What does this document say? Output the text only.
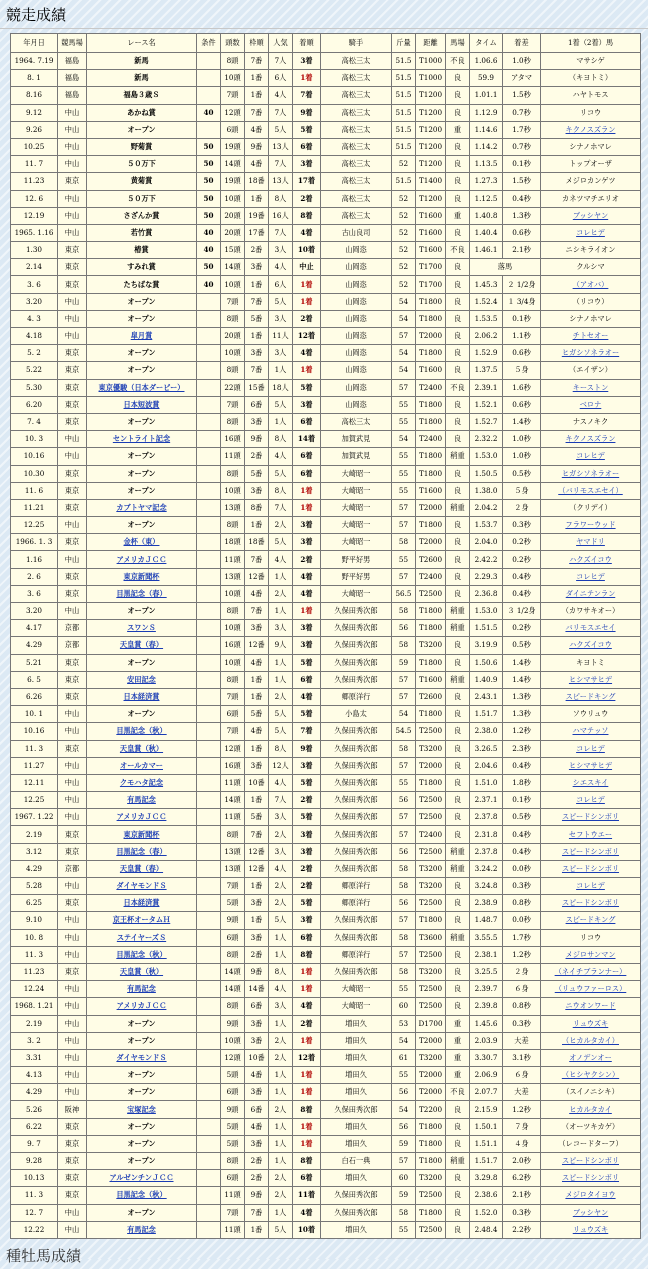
競走成績
年月日	競馬場	レース名	条件	頭数	枠順	人気	着順	騎手	斤量	距離	馬場	タイム	着差	1着（2着）馬
1964. 7.19	福島	新馬		8頭	7番	7人	3着	高松三太	51.5	T1000	不良	1.06.6	1.0秒	マサシゲ
8. 1	福島	新馬		10頭	1番	6人	1着	高松三太	51.5	T1000	良	59.9	アタマ	（キヨトミ）
8.16	福島	福島３歳Ｓ		7頭	1番	4人	7着	高松三太	51.5	T1200	良	1.01.1	1.5秒	ハヤトモス
9.12	中山	あかね賞	40	12頭	7番	7人	9着	高松三太	51.5	T1200	良	1.12.9	0.7秒	リコウ
9.26	中山	オープン		6頭	4番	5人	5着	高松三太	51.5	T1200	重	1.14.6	1.7秒	キクノスズラン
10.25	中山	野菊賞	50	19頭	9番	13人	6着	高松三太	51.5	T1200	良	1.14.2	0.7秒	シナノホマレ
11. 7	中山	５０万下	50	14頭	4番	7人	3着	高松三太	52	T1200	良	1.13.5	0.1秒	トップオーザ
11.23	東京	黄菊賞	50	19頭	18番	13人	17着	高松三太	51.5	T1400	良	1.27.3	1.5秒	メジロカンゲツ
12. 6	中山	５０万下	50	10頭	1番	8人	2着	高松三太	52	T1200	良	1.12.5	0.4秒	カネツマチエリオ
12.19	中山	さざんか賞	50	20頭	19番	16人	8着	高松三太	52	T1600	重	1.40.8	1.3秒	ブッシヤン
1965. 1.16	中山	若竹賞	40	20頭	17番	7人	4着	古山良司	52	T1600	良	1.40.4	0.6秒	コレヒデ
1.30	東京	椿賞	40	15頭	2番	3人	10着	山岡恣	52	T1600	不良	1.46.1	2.1秒	ニシキライオン
2.14	東京	すみれ賞	50	14頭	3番	4人	中止	山岡恣	52	T1700	良	落馬		クルシマ
3. 6	東京	たちばな賞	40	10頭	1番	6人	1着	山岡恣	52	T1700	良	1.45.3	２ 1/2身	（アオバ）
3.20	中山	オープン		7頭	7番	5人	1着	山岡恣	54	T1800	良	1.52.4	１ 3/4身	（リコウ）
4. 3	中山	オープン		8頭	5番	3人	2着	山岡恣	54	T1800	良	1.53.5	0.1秒	シナノホマレ
4.18	中山	皐月賞		20頭	1番	11人	12着	山岡恣	57	T2000	良	2.06.2	1.1秒	チトセオー
5. 2	東京	オープン		10頭	3番	3人	4着	山岡恣	54	T1800	良	1.52.9	0.6秒	ヒガシソネラオー
5.22	東京	オープン		8頭	7番	1人	1着	山岡恣	54	T1600	良	1.37.5	５身	（エイザン）
5.30	東京	東京優駿（日本ダービー）		22頭	15番	18人	5着	山岡恣	57	T2400	不良	2.39.1	1.6秒	キーストン
6.20	東京	日本短波賞		7頭	6番	5人	3着	山岡恣	55	T1800	良	1.52.1	0.6秒	ベロナ
7. 4	東京	オープン		8頭	3番	1人	6着	高松三太	55	T1800	良	1.52.7	1.4秒	ナスノキク
10. 3	中山	セントライト記念		16頭	9番	8人	14着	加賀武見	54	T2400	良	2.32.2	1.0秒	キクノスズラン
10.16	中山	オープン		11頭	2番	4人	6着	加賀武見	55	T1800	稍重	1.53.0	1.0秒	コレヒデ
10.30	東京	オープン		8頭	5番	5人	6着	大崎昭一	55	T1800	良	1.50.5	0.5秒	ヒガシソネラオー
11. 6	東京	オープン		10頭	3番	8人	1着	大崎昭一	55	T1600	良	1.38.0	５身	（バリモスエセイ）
11.21	東京	カブトヤマ記念		13頭	8番	7人	1着	大崎昭一	57	T2000	稍重	2.04.2	２身	（クリデイ）
12.25	中山	オープン		8頭	1番	2人	3着	大崎昭一	57	T1800	良	1.53.7	0.3秒	フラワーウッド
1966. 1. 3	東京	金杯（東）		18頭	18番	5人	3着	大崎昭一	58	T2000	良	2.04.0	0.2秒	ヤマドリ
1.16	中山	アメリカＪＣＣ		11頭	7番	4人	2着	野平好男	55	T2600	良	2.42.2	0.2秒	ハクズイコウ
2. 6	東京	東京新聞杯		13頭	12番	1人	4着	野平好男	57	T2400	良	2.29.3	0.4秒	コレヒデ
3. 6	東京	目黒記念（春）		10頭	4番	2人	4着	大崎昭一	56.5	T2500	良	2.36.8	0.4秒	ダイニテンラン
3.20	中山	オープン		8頭	7番	1人	1着	久保田秀次郎	58	T1800	稍重	1.53.0	３ 1/2身	（カワサキオー）
4.17	京都	スワンＳ		10頭	3番	3人	3着	久保田秀次郎	56	T1800	稍重	1.51.5	0.2秒	バリモスエセイ
4.29	京都	天皇賞（春）		16頭	12番	9人	3着	久保田秀次郎	58	T3200	良	3.19.9	0.5秒	ハクズイコウ
5.21	東京	オープン		10頭	4番	1人	5着	久保田秀次郎	59	T1800	良	1.50.6	1.4秒	キヨトミ
6. 5	東京	安田記念		8頭	1番	1人	6着	久保田秀次郎	57	T1600	稍重	1.40.9	1.4秒	ヒシマサヒデ
6.26	東京	日本経済賞		7頭	1番	2人	4着	郷原洋行	57	T2600	良	2.43.1	1.3秒	スピードキング
10. 1	中山	オープン		6頭	5番	5人	5着	小島太	54	T1800	良	1.51.7	1.3秒	ソウリュウ
10.16	中山	目黒記念（秋）		7頭	4番	5人	7着	久保田秀次郎	54.5	T2500	良	2.38.0	1.2秒	ハマテッソ
11. 3	東京	天皇賞（秋）		12頭	1番	8人	9着	久保田秀次郎	58	T3200	良	3.26.5	2.3秒	コレヒデ
11.27	中山	オールカマー		16頭	3番	12人	3着	久保田秀次郎	57	T2000	良	2.04.6	0.4秒	ヒシマサヒデ
12.11	中山	クモハタ記念		11頭	10番	4人	5着	久保田秀次郎	55	T1800	良	1.51.0	1.8秒	シエスキイ
12.25	中山	有馬記念		14頭	1番	7人	2着	久保田秀次郎	56	T2500	良	2.37.1	0.1秒	コレヒデ
1967. 1.22	中山	アメリカＪＣＣ		11頭	5番	3人	5着	久保田秀次郎	57	T2500	良	2.37.8	0.5秒	スピードシンボリ
2.19	東京	東京新聞杯		8頭	7番	2人	3着	久保田秀次郎	57	T2400	良	2.31.8	0.4秒	セフトウエー
3.12	東京	目黒記念（春）		13頭	12番	3人	3着	久保田秀次郎	56	T2500	稍重	2.37.8	0.4秒	スピードシンボリ
4.29	京都	天皇賞（春）		13頭	12番	4人	2着	久保田秀次郎	58	T3200	稍重	3.24.2	0.0秒	スピードシンボリ
5.28	中山	ダイヤモンドＳ		7頭	1番	2人	2着	郷原洋行	58	T3200	良	3.24.8	0.3秒	コレヒデ
6.25	東京	日本経済賞		5頭	3番	2人	5着	郷原洋行	56	T2500	良	2.38.9	0.8秒	スピードシンボリ
9.10	中山	京王杯オータムＨ		9頭	1番	5人	3着	久保田秀次郎	57	T1800	良	1.48.7	0.0秒	スピードキング
10. 8	中山	ステイヤーズＳ		6頭	3番	1人	6着	久保田秀次郎	58	T3600	稍重	3.55.5	1.7秒	リコウ
11. 3	中山	目黒記念（秋）		8頭	2番	1人	8着	郷原洋行	57	T2500	良	2.38.1	1.2秒	メジロサンマン
11.23	東京	天皇賞（秋）		14頭	9番	8人	1着	久保田秀次郎	58	T3200	良	3.25.5	２身	（ネイチブランナー）
12.24	中山	有馬記念		14頭	14番	4人	1着	大崎昭一	55	T2500	良	2.39.7	６身	（リュウファーロス）
1968. 1.21	中山	アメリカＪＣＣ		8頭	6番	3人	4着	大崎昭一	60	T2500	良	2.39.8	0.8秒	ニウオンワード
2.19	中山	オープン		9頭	3番	1人	2着	増田久	53	D1700	重	1.45.6	0.3秒	リュウズキ
3. 2	中山	オープン		10頭	3番	2人	1着	増田久	54	T2000	重	2.03.9	大差	（ヒカルタカイ）
3.31	中山	ダイヤモンドＳ		12頭	10番	2人	12着	増田久	61	T3200	重	3.30.7	3.1秒	オノデンオー
4.13	中山	オープン		5頭	4番	1人	1着	増田久	55	T2000	重	2.06.9	６身	（ヒシヤクシン）
4.29	中山	オープン		6頭	3番	1人	1着	増田久	56	T2000	不良	2.07.7	大差	（スイノニシキ）
5.26	阪神	宝塚記念		9頭	6番	2人	8着	久保田秀次郎	54	T2200	良	2.15.9	1.2秒	ヒカルタカイ
6.22	東京	オープン		5頭	4番	1人	1着	増田久	56	T1800	良	1.50.1	７身	（オーツキカゲ）
9. 7	東京	オープン		5頭	3番	1人	1着	増田久	59	T1800	良	1.51.1	４身	（レコードターフ）
9.28	東京	オープン		8頭	2番	1人	8着	白石一典	57	T1800	稍重	1.51.7	2.0秒	スピードシンボリ
10.13	東京	アルゼンチンＪＣＣ		6頭	2番	2人	6着	増田久	60	T3200	良	3.29.8	6.2秒	スピードシンボリ
11. 3	東京	目黒記念（秋）		11頭	9番	2人	11着	久保田秀次郎	59	T2500	良	2.38.6	2.1秒	メジロタイヨウ
12. 7	中山	オープン		7頭	7番	1人	4着	久保田秀次郎	58	T1800	良	1.52.0	0.3秒	ブッシヤン
12.22	中山	有馬記念		11頭	1番	5人	10着	増田久	55	T2500	良	2.48.4	2.2秒	リュウズキ
種牡馬成績
